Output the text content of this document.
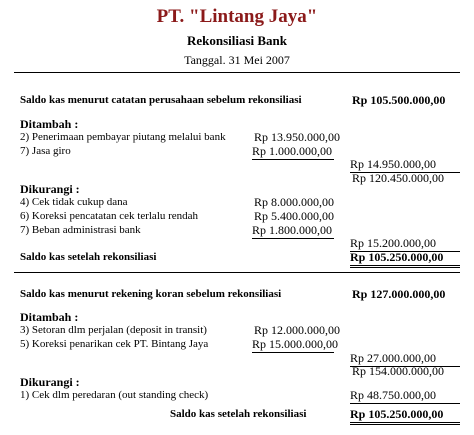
PT. "Lintang Jaya"
Rekonsiliasi Bank
Tanggal. 31 Mei 2007
Saldo kas menurut catatan perusahaan sebelum rekonsiliasi	Rp 105.500.000,00
Ditambah :
2) Penerimaan pembayar piutang melalui bank Rp 13.950.000,00
7) Jasa giro	Rp 1.000.000,00
Rp 14.950.000,00
Rp 120.450.000,00
Dikurangi :
4) Cek tidak cukup dana	Rp 8.000.000,00
6) Koreksi pencatatan cek terlalu rendah	Rp 5.400.000,00
7) Beban administrasi bank	Rp 1.800.000,00
Rp 15.200.000,00
Saldo kas setelah rekonsiliasi	Rp 105.250.000,00
Saldo kas menurut rekening koran sebelum rekonsiliasi	Rp 127.000.000,00
Ditambah :
3) Setoran dlm perjalan (deposit in transit)	Rp 12.000.000,00
5) Koreksi penarikan cek PT. Bintang Jaya	Rp 15.000.000,00
Rp 27.000.000,00
Rp 154.000.000,00
Dikurangi :
1) Cek dlm peredaran (out standing check)	Rp 48.750.000,00
Saldo kas setelah rekonsiliasi	Rp 105.250.000,00
